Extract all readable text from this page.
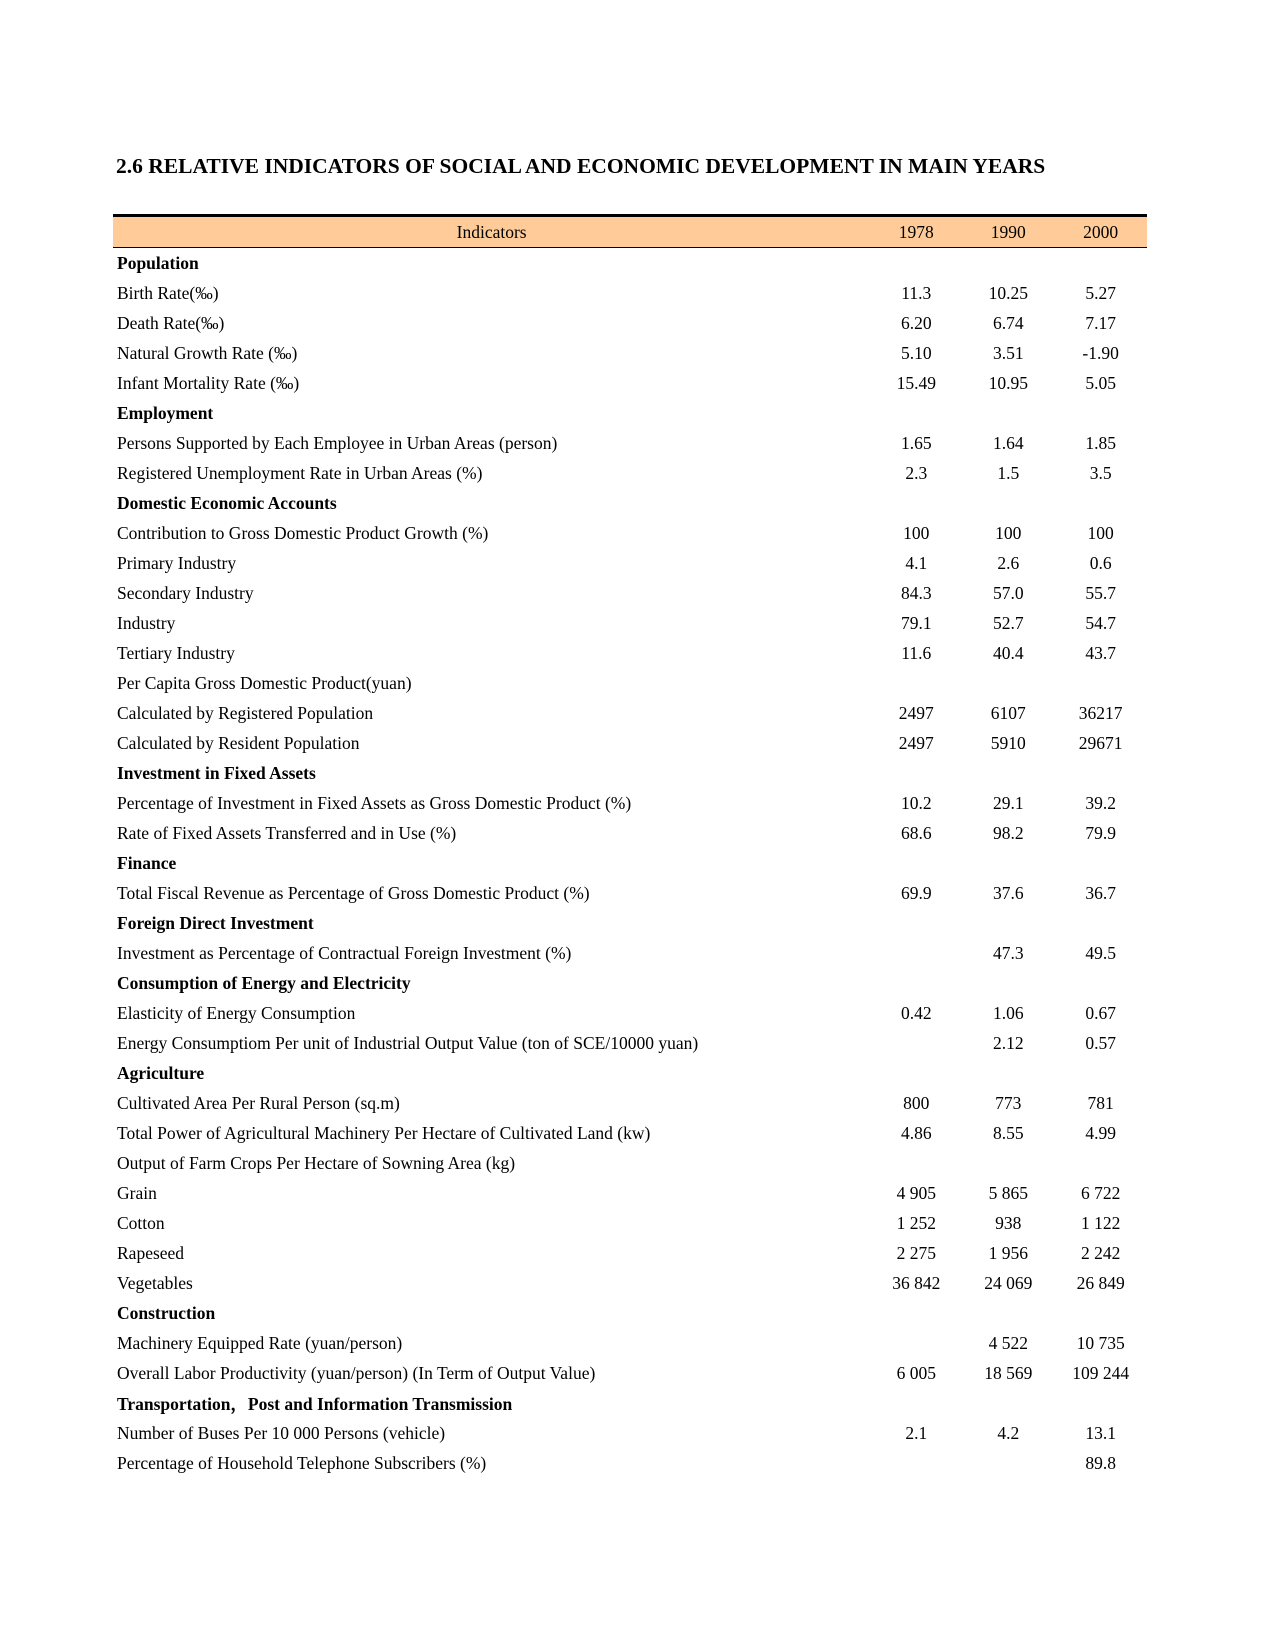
2.6 RELATIVE INDICATORS OF SOCIAL AND ECONOMIC DEVELOPMENT IN MAIN YEARS
Indicators	1978	1990	2000
Population			
Birth Rate(‰)	11.3	10.25	5.27
Death Rate(‰)	6.20	6.74	7.17
Natural Growth Rate (‰)	5.10	3.51	-1.90
Infant Mortality Rate (‰)	15.49	10.95	5.05
Employment			
Persons Supported by Each Employee in Urban Areas (person)	1.65	1.64	1.85
Registered Unemployment Rate in Urban Areas (%)	2.3	1.5	3.5
Domestic Economic Accounts			
Contribution to Gross Domestic Product Growth (%)	100	100	100
Primary Industry	4.1	2.6	0.6
Secondary Industry	84.3	57.0	55.7
Industry	79.1	52.7	54.7
Tertiary Industry	11.6	40.4	43.7
Per Capita Gross Domestic Product(yuan)			
Calculated by Registered Population	2497	6107	36217
Calculated by Resident Population	2497	5910	29671
Investment in Fixed Assets			
Percentage of Investment in Fixed Assets as Gross Domestic Product (%)	10.2	29.1	39.2
Rate of Fixed Assets Transferred and in Use (%)	68.6	98.2	79.9
Finance			
Total Fiscal Revenue as Percentage of Gross Domestic Product (%)	69.9	37.6	36.7
Foreign Direct Investment			
Investment as Percentage of Contractual Foreign Investment (%)		47.3	49.5
Consumption of Energy and Electricity			
Elasticity of Energy Consumption	0.42	1.06	0.67
Energy Consumptiom Per unit of Industrial Output Value (ton of SCE/10000 yuan)		2.12	0.57
Agriculture			
Cultivated Area Per Rural Person (sq.m)	800	773	781
Total Power of Agricultural Machinery Per Hectare of Cultivated Land (kw)	4.86	8.55	4.99
Output of Farm Crops Per Hectare of Sowning Area (kg)			
Grain	4 905	5 865	6 722
Cotton	1 252	938	1 122
Rapeseed	2 275	1 956	2 242
Vegetables	36 842	24 069	26 849
Construction			
Machinery Equipped Rate (yuan/person)		4 522	10 735
Overall Labor Productivity (yuan/person) (In Term of Output Value)	6 005	18 569	109 244
Transportation，Post and Information Transmission			
Number of Buses Per 10 000 Persons (vehicle)	2.1	4.2	13.1
Percentage of Household Telephone Subscribers (%)			89.8
